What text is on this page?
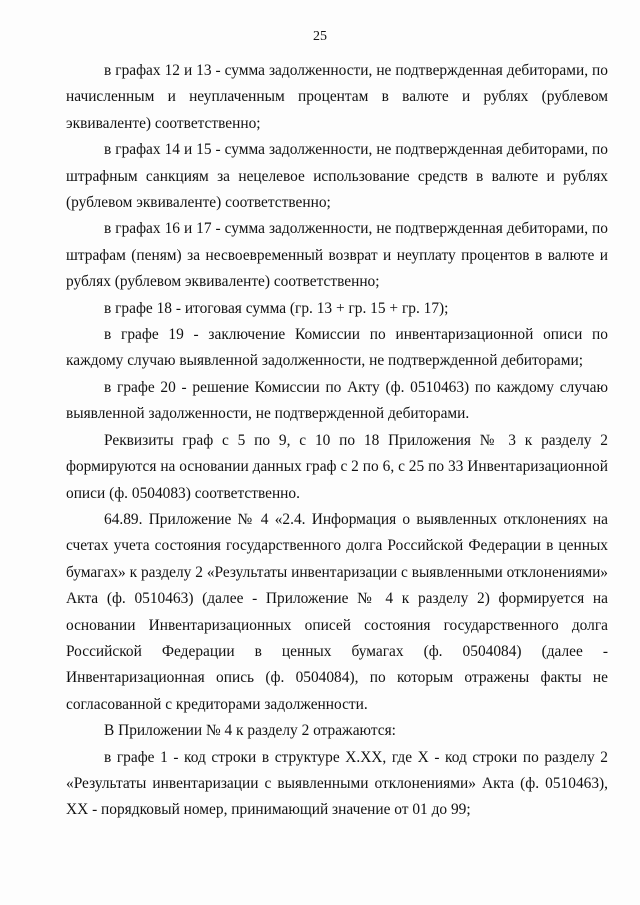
25

в графах 12 и 13 - сумма задолженности, не подтвержденная дебиторами, по начисленным и неуплаченным процентам в валюте и рублях (рублевом эквиваленте) соответственно;

в графах 14 и 15 - сумма задолженности, не подтвержденная дебиторами, по штрафным санкциям за нецелевое использование средств в валюте и рублях (рублевом эквиваленте) соответственно;

в графах 16 и 17 - сумма задолженности, не подтвержденная дебиторами, по штрафам (пеням) за несвоевременный возврат и неуплату процентов в валюте и рублях (рублевом эквиваленте) соответственно;

в графе 18 - итоговая сумма (гр. 13 + гр. 15 + гр. 17);

в графе 19 - заключение Комиссии по инвентаризационной описи по каждому случаю выявленной задолженности, не подтвержденной дебиторами;

в графе 20 - решение Комиссии по Акту (ф. 0510463) по каждому случаю выявленной задолженности, не подтвержденной дебиторами.

Реквизиты граф с 5 по 9, с 10 по 18 Приложения № 3 к разделу 2 формируются на основании данных граф с 2 по 6, с 25 по 33 Инвентаризационной описи (ф. 0504083) соответственно.

64.89. Приложение № 4 «2.4. Информация о выявленных отклонениях на счетах учета состояния государственного долга Российской Федерации в ценных бумагах» к разделу 2 «Результаты инвентаризации с выявленными отклонениями» Акта (ф. 0510463) (далее - Приложение № 4 к разделу 2) формируется на основании Инвентаризационных описей состояния государственного долга Российской Федерации в ценных бумагах (ф. 0504084) (далее - Инвентаризационная опись (ф. 0504084), по которым отражены факты не согласованной с кредиторами задолженности.

В Приложении № 4 к разделу 2 отражаются:

в графе 1 - код строки в структуре Х.ХХ, где Х - код строки по разделу 2 «Результаты инвентаризации с выявленными отклонениями» Акта (ф. 0510463), ХХ - порядковый номер, принимающий значение от 01 до 99;
